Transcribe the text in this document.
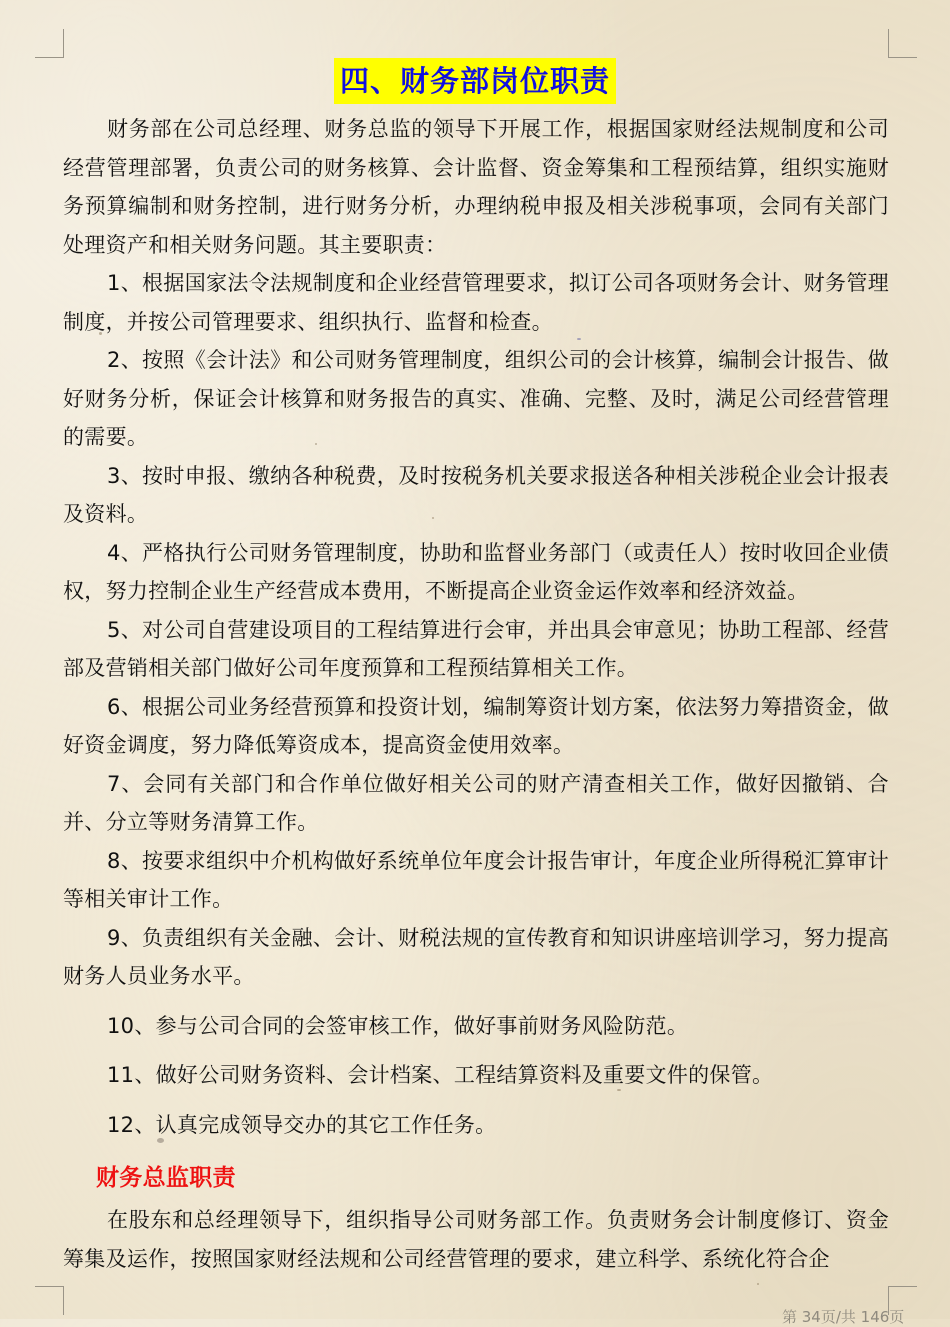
四、财务部岗位职责

财务部在公司总经理、财务总监的领导下开展工作，根据国家财经法规制度和公司经营管理部署，负责公司的财务核算、会计监督、资金筹集和工程预结算，组织实施财务预算编制和财务控制，进行财务分析，办理纳税申报及相关涉税事项，会同有关部门处理资产和相关财务问题。其主要职责：

1、根据国家法令法规制度和企业经营管理要求，拟订公司各项财务会计、财务管理制度，并按公司管理要求、组织执行、监督和检查。

2、按照《会计法》和公司财务管理制度，组织公司的会计核算，编制会计报告、做好财务分析，保证会计核算和财务报告的真实、准确、完整、及时，满足公司经营管理的需要。

3、按时申报、缴纳各种税费，及时按税务机关要求报送各种相关涉税企业会计报表及资料。

4、严格执行公司财务管理制度，协助和监督业务部门（或责任人）按时收回企业债权，努力控制企业生产经营成本费用，不断提高企业资金运作效率和经济效益。

5、对公司自营建设项目的工程结算进行会审，并出具会审意见；协助工程部、经营部及营销相关部门做好公司年度预算和工程预结算相关工作。

6、根据公司业务经营预算和投资计划，编制筹资计划方案，依法努力筹措资金，做好资金调度，努力降低筹资成本，提高资金使用效率。

7、会同有关部门和合作单位做好相关公司的财产清查相关工作，做好因撤销、合并、分立等财务清算工作。

8、按要求组织中介机构做好系统单位年度会计报告审计，年度企业所得税汇算审计等相关审计工作。

9、负责组织有关金融、会计、财税法规的宣传教育和知识讲座培训学习，努力提高财务人员业务水平。

10、参与公司合同的会签审核工作，做好事前财务风险防范。

11、做好公司财务资料、会计档案、工程结算资料及重要文件的保管。

12、认真完成领导交办的其它工作任务。

财务总监职责

在股东和总经理领导下，组织指导公司财务部工作。负责财务会计制度修订、资金筹集及运作，按照国家财经法规和公司经营管理的要求，建立科学、系统化符合企

第 34页/共 146页
